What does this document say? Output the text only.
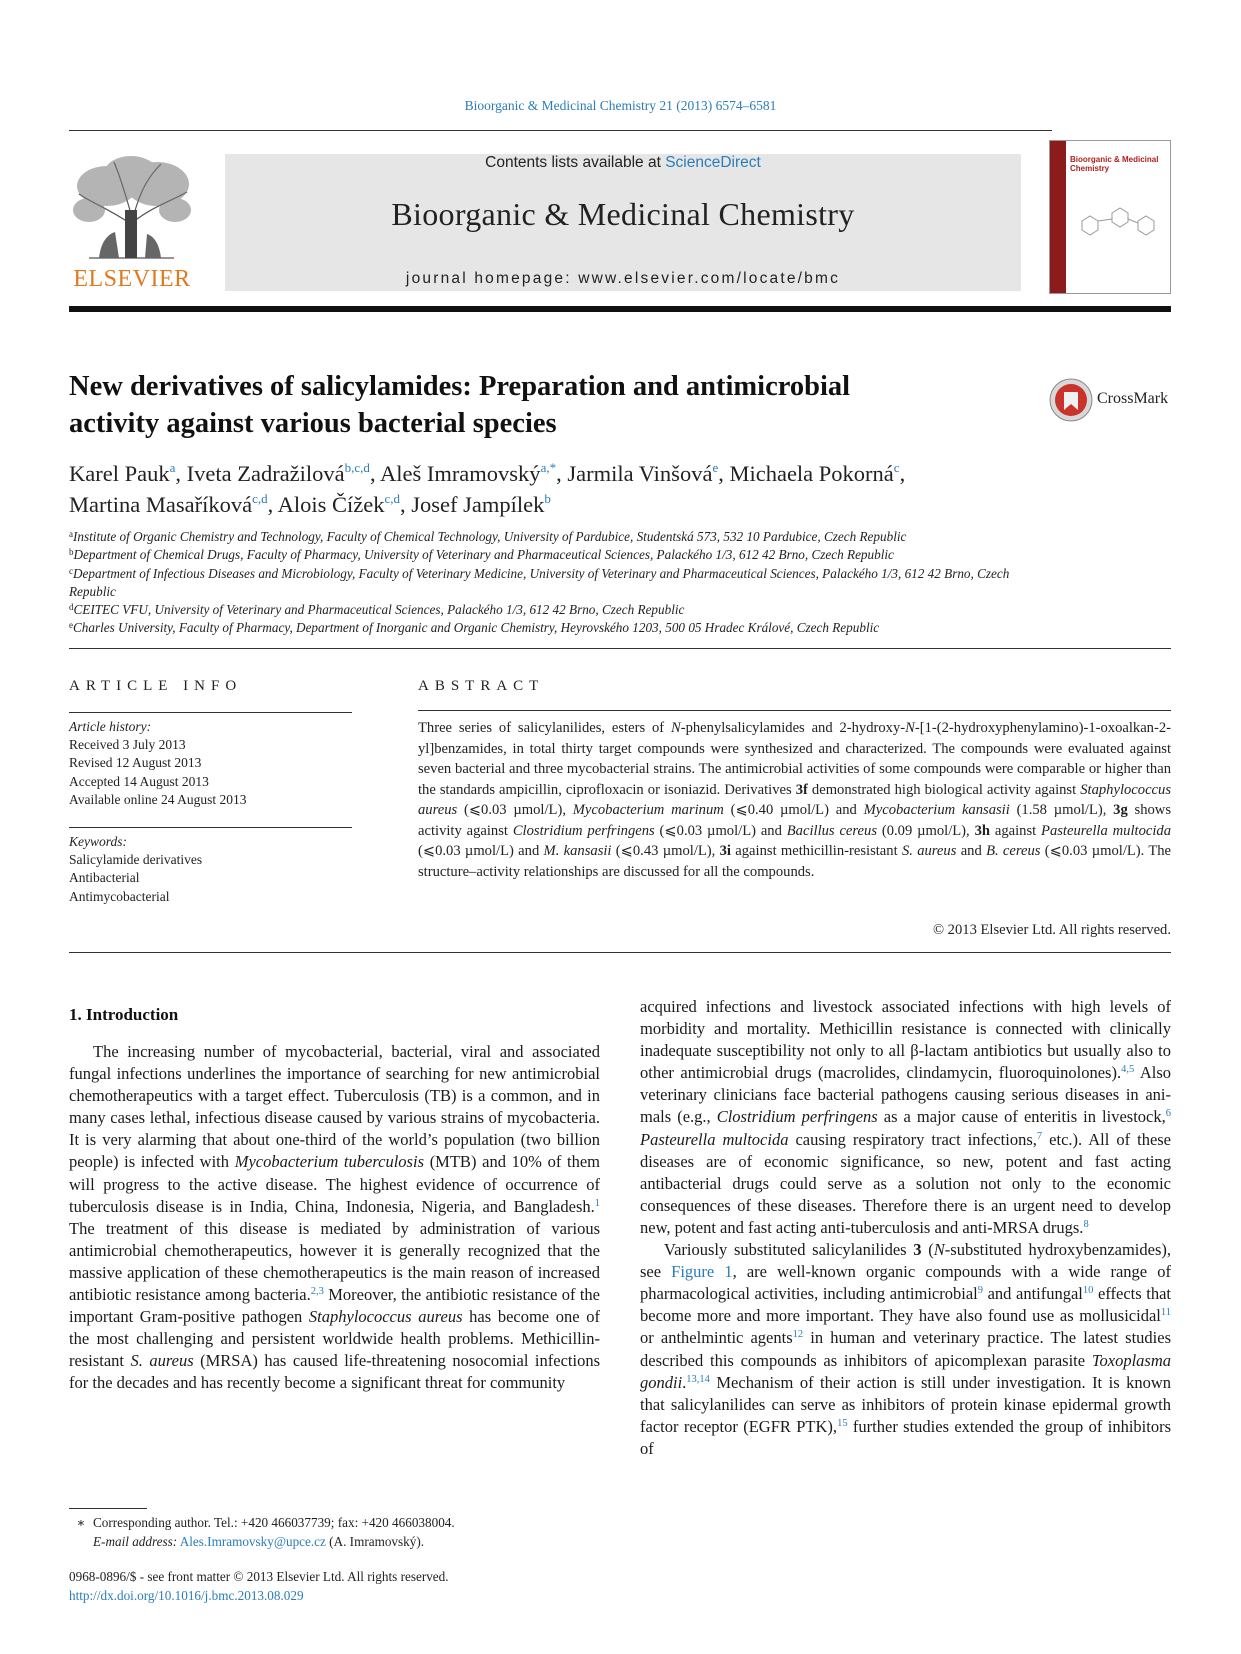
Bioorganic & Medicinal Chemistry 21 (2013) 6574–6581
ELSEVIER
Contents lists available at ScienceDirect
Bioorganic & Medicinal Chemistry
journal homepage: www.elsevier.com/locate/bmc
Bioorganic & Medicinal Chemistry
New derivatives of salicylamides: Preparation and antimicrobial
activity against various bacterial species
CrossMark
Karel Pauk$^a$, Iveta Zadražilová$^{b,c,d}$, Aleš Imramovský$^{a,*}$, Jarmila Vinšová$^e$, Michaela Pokorná$^c$,
Martina Masaříková$^{c,d}$, Alois Čížek$^{c,d}$, Josef Jampílek$^b$
$^a$Institute of Organic Chemistry and Technology, Faculty of Chemical Technology, University of Pardubice, Studentská 573, 532 10 Pardubice, Czech Republic
$^b$Department of Chemical Drugs, Faculty of Pharmacy, University of Veterinary and Pharmaceutical Sciences, Palackého 1/3, 612 42 Brno, Czech Republic
$^c$Department of Infectious Diseases and Microbiology, Faculty of Veterinary Medicine, University of Veterinary and Pharmaceutical Sciences, Palackého 1/3, 612 42 Brno, Czech Republic
$^d$CEITEC VFU, University of Veterinary and Pharmaceutical Sciences, Palackého 1/3, 612 42 Brno, Czech Republic
$^e$Charles University, Faculty of Pharmacy, Department of Inorganic and Organic Chemistry, Heyrovského 1203, 500 05 Hradec Králové, Czech Republic
ARTICLE INFO
Article history:
Received 3 July 2013
Revised 12 August 2013
Accepted 14 August 2013
Available online 24 August 2013
Keywords:
Salicylamide derivatives
Antibacterial
Antimycobacterial
ABSTRACT
Three series of salicylanilides, esters of N-phenylsalicylamides and 2-hydroxy-N-[1-(2-hydroxyphenylamino)-1-oxoalkan-2-yl]benzamides, in total thirty target compounds were synthesized and characterized. The compounds were evaluated against seven bacterial and three mycobacterial strains. The antimicrobial activities of some compounds were comparable or higher than the standards ampicillin, ciprofloxacin or isoniazid. Derivatives 3f demonstrated high biological activity against Staphylococcus aureus (⩽0.03 µmol/L), Mycobacterium marinum (⩽0.40 µmol/L) and Mycobacterium kansasii (1.58 µmol/L), 3g shows activity against Clostridium perfringens (⩽0.03 µmol/L) and Bacillus cereus (0.09 µmol/L), 3h against Pasteurella multocida (⩽0.03 µmol/L) and M. kansasii (⩽0.43 µmol/L), 3i against methicillin-resistant S. aureus and B. cereus (⩽0.03 µmol/L). The structure–activity relationships are discussed for all the compounds.
© 2013 Elsevier Ltd. All rights reserved.
1. Introduction

The increasing number of mycobacterial, bacterial, viral and associated fungal infections underlines the importance of searching for new antimicrobial chemotherapeutics with a target effect. Tuberculosis (TB) is a common, and in many cases lethal, infectious disease caused by various strains of mycobacteria. It is very alarming that about one-third of the world’s population (two billion people) is infected with Mycobacterium tuberculosis (MTB) and 10% of them will progress to the active disease. The highest evidence of occurrence of tuberculosis disease is in India, China, Indonesia, Nigeria, and Bangladesh.$^1$ The treatment of this disease is mediated by administration of various antimicrobial chemotherapeutics, however it is generally recognized that the massive application of these chemotherapeutics is the main reason of increased antibiotic resistance among bacteria.$^{2,3}$ Moreover, the antibiotic resistance of the important Gram-positive pathogen Staphylococcus aureus has become one of the most challenging and persistent worldwide health problems. Methicillin-resistant S. aureus (MRSA) has caused life-threatening nosocomial infections for the decades and has recently become a significant threat for community

acquired infections and livestock associated infections with high levels of morbidity and mortality. Methicillin resistance is connected with clinically inadequate susceptibility not only to all β-lactam antibiotics but usually also to other antimicrobial drugs (macrolides, clindamycin, fluoroquinolones).$^{4,5}$ Also veterinary clinicians face bacterial pathogens causing serious diseases in animals (e.g., Clostridium perfringens as a major cause of enteritis in livestock,$^6$ Pasteurella multocida causing respiratory tract infections,$^7$ etc.). All of these diseases are of economic significance, so new, potent and fast acting antibacterial drugs could serve as a solution not only to the economic consequences of these diseases. Therefore there is an urgent need to develop new, potent and fast acting anti-tuberculosis and anti-MRSA drugs.$^8$

Variously substituted salicylanilides 3 (N-substituted hydroxybenzamides), see Figure 1, are well-known organic compounds with a wide range of pharmacological activities, including antimicrobial$^9$ and antifungal$^{10}$ effects that become more and more important. They have also found use as mollusicidal$^{11}$ or anthelmintic agents$^{12}$ in human and veterinary practice. The latest studies described this compounds as inhibitors of apicomplexan parasite Toxoplasma gondii.$^{13,14}$ Mechanism of their action is still under investigation. It is known that salicylanilides can serve as inhibitors of protein kinase epidermal growth factor receptor (EGFR PTK),$^{15}$ further studies extended the group of inhibitors of

∗ Corresponding author. Tel.: +420 466037739; fax: +420 466038004.
E-mail address: Ales.Imramovsky@upce.cz (A. Imramovský).
0968-0896/$ - see front matter © 2013 Elsevier Ltd. All rights reserved.
http://dx.doi.org/10.1016/j.bmc.2013.08.029
